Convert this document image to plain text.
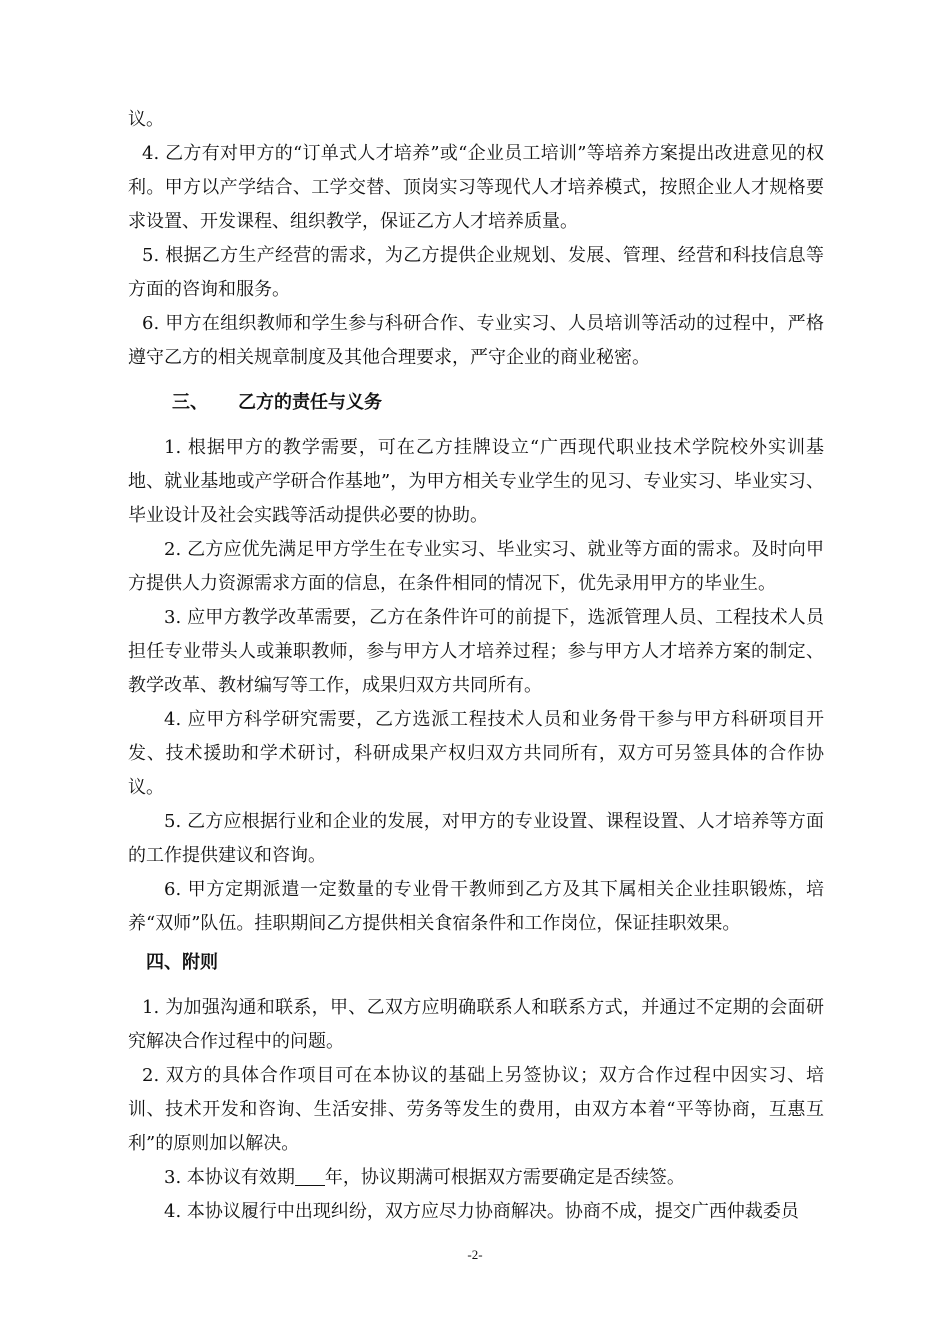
议。

4. 乙方有对甲方的“订单式人才培养”或“企业员工培训”等培养方案提出改进意见的权利。甲方以产学结合、工学交替、顶岗实习等现代人才培养模式，按照企业人才规格要求设置、开发课程、组织教学，保证乙方人才培养质量。

5. 根据乙方生产经营的需求，为乙方提供企业规划、发展、管理、经营和科技信息等方面的咨询和服务。

6. 甲方在组织教师和学生参与科研合作、专业实习、人员培训等活动的过程中，严格遵守乙方的相关规章制度及其他合理要求，严守企业的商业秘密。

三、 乙方的责任与义务

1. 根据甲方的教学需要，可在乙方挂牌设立“广西现代职业技术学院校外实训基地、就业基地或产学研合作基地”，为甲方相关专业学生的见习、专业实习、毕业实习、毕业设计及社会实践等活动提供必要的协助。

2. 乙方应优先满足甲方学生在专业实习、毕业实习、就业等方面的需求。及时向甲方提供人力资源需求方面的信息，在条件相同的情况下，优先录用甲方的毕业生。

3. 应甲方教学改革需要，乙方在条件许可的前提下，选派管理人员、工程技术人员担任专业带头人或兼职教师，参与甲方人才培养过程；参与甲方人才培养方案的制定、教学改革、教材编写等工作，成果归双方共同所有。

4. 应甲方科学研究需要，乙方选派工程技术人员和业务骨干参与甲方科研项目开发、技术援助和学术研讨，科研成果产权归双方共同所有，双方可另签具体的合作协议。

5. 乙方应根据行业和企业的发展，对甲方的专业设置、课程设置、人才培养等方面的工作提供建议和咨询。

6. 甲方定期派遣一定数量的专业骨干教师到乙方及其下属相关企业挂职锻炼，培养“双师”队伍。挂职期间乙方提供相关食宿条件和工作岗位，保证挂职效果。

四、附则

1. 为加强沟通和联系，甲、乙双方应明确联系人和联系方式，并通过不定期的会面研究解决合作过程中的问题。

2. 双方的具体合作项目可在本协议的基础上另签协议；双方合作过程中因实习、培训、技术开发和咨询、生活安排、劳务等发生的费用，由双方本着“平等协商，互惠互利”的原则加以解决。

3. 本协议有效期 年，协议期满可根据双方需要确定是否续签。

4. 本协议履行中出现纠纷，双方应尽力协商解决。协商不成，提交广西仲裁委员

-2-
